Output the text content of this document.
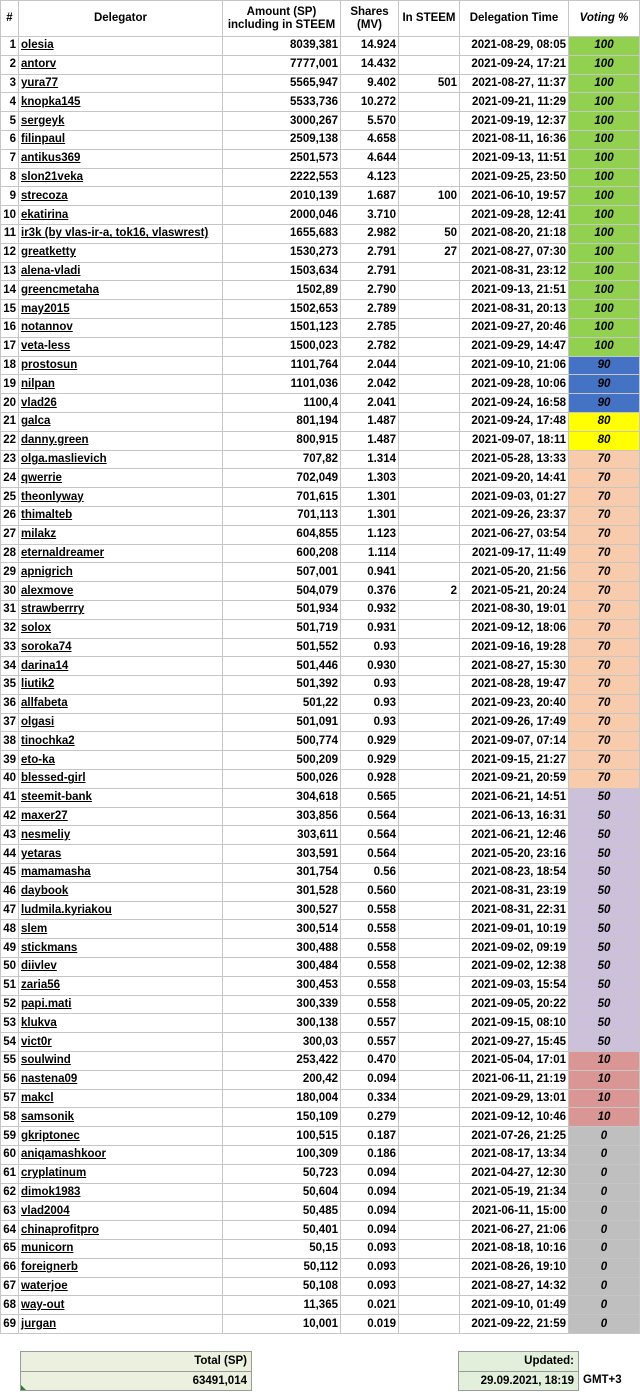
#	Delegator	Amount (SP) including in STEEM	Shares (MV)	In STEEM	Delegation Time	Voting %
1	olesia	8039,381	14.924		2021-08-29, 08:05	100
2	antorv	7777,001	14.432		2021-09-24, 17:21	100
3	yura77	5565,947	9.402	501	2021-08-27, 11:37	100
4	knopka145	5533,736	10.272		2021-09-21, 11:29	100
5	sergeyk	3000,267	5.570		2021-09-19, 12:37	100
6	filinpaul	2509,138	4.658		2021-08-11, 16:36	100
7	antikus369	2501,573	4.644		2021-09-13, 11:51	100
8	slon21veka	2222,553	4.123		2021-09-25, 23:50	100
9	strecoza	2010,139	1.687	100	2021-06-10, 19:57	100
10	ekatirina	2000,046	3.710		2021-09-28, 12:41	100
11	ir3k (by vlas-ir-a, tok16, vlaswrest)	1655,683	2.982	50	2021-08-20, 21:18	100
12	greatketty	1530,273	2.791	27	2021-08-27, 07:30	100
13	alena-vladi	1503,634	2.791		2021-08-31, 23:12	100
14	greencmetaha	1502,89	2.790		2021-09-13, 21:51	100
15	may2015	1502,653	2.789		2021-08-31, 20:13	100
16	notannov	1501,123	2.785		2021-09-27, 20:46	100
17	veta-less	1500,023	2.782		2021-09-29, 14:47	100
18	prostosun	1101,764	2.044		2021-09-10, 21:06	90
19	nilpan	1101,036	2.042		2021-09-28, 10:06	90
20	vlad26	1100,4	2.041		2021-09-24, 16:58	90
21	galca	801,194	1.487		2021-09-24, 17:48	80
22	danny.green	800,915	1.487		2021-09-07, 18:11	80
23	olga.maslievich	707,82	1.314		2021-05-28, 13:33	70
24	qwerrie	702,049	1.303		2021-09-20, 14:41	70
25	theonlyway	701,615	1.301		2021-09-03, 01:27	70
26	thimalteb	701,113	1.301		2021-09-26, 23:37	70
27	milakz	604,855	1.123		2021-06-27, 03:54	70
28	eternaldreamer	600,208	1.114		2021-09-17, 11:49	70
29	apnigrich	507,001	0.941		2021-05-20, 21:56	70
30	alexmove	504,079	0.376	2	2021-05-21, 20:24	70
31	strawberrry	501,934	0.932		2021-08-30, 19:01	70
32	solox	501,719	0.931		2021-09-12, 18:06	70
33	soroka74	501,552	0.93		2021-09-16, 19:28	70
34	darina14	501,446	0.930		2021-08-27, 15:30	70
35	liutik2	501,392	0.93		2021-08-28, 19:47	70
36	allfabeta	501,22	0.93		2021-09-23, 20:40	70
37	olgasi	501,091	0.93		2021-09-26, 17:49	70
38	tinochka2	500,774	0.929		2021-09-07, 07:14	70
39	eto-ka	500,209	0.929		2021-09-15, 21:27	70
40	blessed-girl	500,026	0.928		2021-09-21, 20:59	70
41	steemit-bank	304,618	0.565		2021-06-21, 14:51	50
42	maxer27	303,856	0.564		2021-06-13, 16:31	50
43	nesmeliy	303,611	0.564		2021-06-21, 12:46	50
44	yetaras	303,591	0.564		2021-05-20, 23:16	50
45	mamamasha	301,754	0.56		2021-08-23, 18:54	50
46	daybook	301,528	0.560		2021-08-31, 23:19	50
47	ludmila.kyriakou	300,527	0.558		2021-08-31, 22:31	50
48	slem	300,514	0.558		2021-09-01, 10:19	50
49	stickmans	300,488	0.558		2021-09-02, 09:19	50
50	diivlev	300,484	0.558		2021-09-02, 12:38	50
51	zaria56	300,453	0.558		2021-09-03, 15:54	50
52	papi.mati	300,339	0.558		2021-09-05, 20:22	50
53	klukva	300,138	0.557		2021-09-15, 08:10	50
54	vict0r	300,03	0.557		2021-09-27, 15:45	50
55	soulwind	253,422	0.470		2021-05-04, 17:01	10
56	nastena09	200,42	0.094		2021-06-11, 21:19	10
57	makcl	180,004	0.334		2021-09-29, 13:01	10
58	samsonik	150,109	0.279		2021-09-12, 10:46	10
59	gkriptonec	100,515	0.187		2021-07-26, 21:25	0
60	aniqamashkoor	100,309	0.186		2021-08-17, 13:34	0
61	cryplatinum	50,723	0.094		2021-04-27, 12:30	0
62	dimok1983	50,604	0.094		2021-05-19, 21:34	0
63	vlad2004	50,485	0.094		2021-06-11, 15:00	0
64	chinaprofitpro	50,401	0.094		2021-06-27, 21:06	0
65	municorn	50,15	0.093		2021-08-18, 10:16	0
66	foreignerb	50,112	0.093		2021-08-26, 19:10	0
67	waterjoe	50,108	0.093		2021-08-27, 14:32	0
68	way-out	11,365	0.021		2021-09-10, 01:49	0
69	jurgan	10,001	0.019		2021-09-22, 21:59	0
Total (SP)
63491,014
Updated:
29.09.2021, 18:19 GMT+3
